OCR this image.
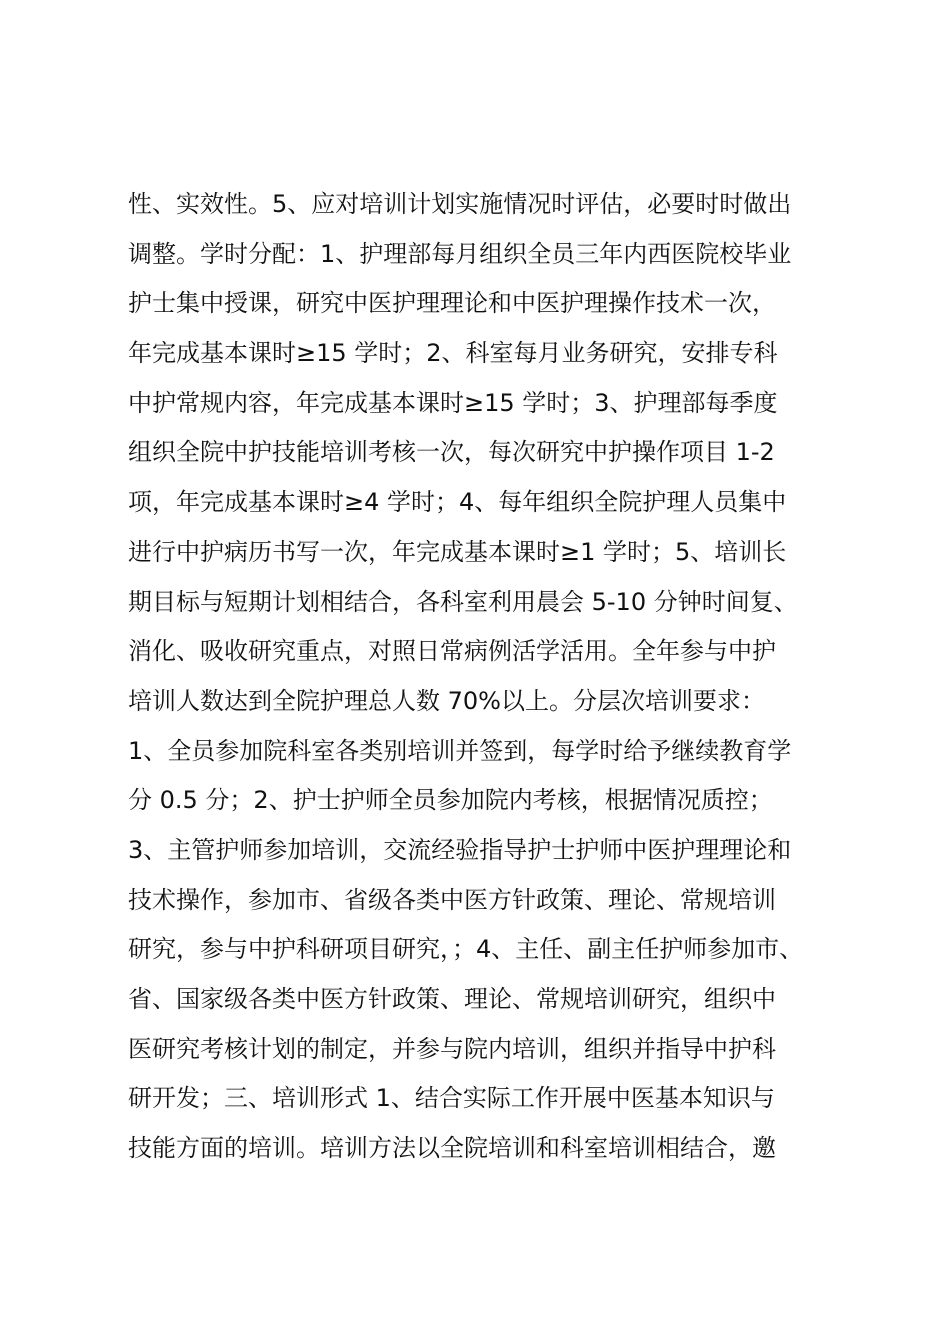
性、实效性。5、应对培训计划实施情况时评估，必要时时做出
调整。学时分配：1、护理部每月组织全员三年内西医院校毕业
护士集中授课，研究中医护理理论和中医护理操作技术一次，
年完成基本课时≥15 学时；2、科室每月业务研究，安排专科
中护常规内容，年完成基本课时≥15 学时；3、护理部每季度
组织全院中护技能培训考核一次，每次研究中护操作项目 1-2
项，年完成基本课时≥4 学时；4、每年组织全院护理人员集中
进行中护病历书写一次，年完成基本课时≥1 学时；5、培训长
期目标与短期计划相结合，各科室利用晨会 5-10 分钟时间复、
消化、吸收研究重点，对照日常病例活学活用。全年参与中护
培训人数达到全院护理总人数 70%以上。分层次培训要求：
1、全员参加院科室各类别培训并签到，每学时给予继续教育学
分 0.5 分；2、护士护师全员参加院内考核，根据情况质控；
3、主管护师参加培训，交流经验指导护士护师中医护理理论和
技术操作，参加市、省级各类中医方针政策、理论、常规培训
研究，参与中护科研项目研究，；4、主任、副主任护师参加市、
省、国家级各类中医方针政策、理论、常规培训研究，组织中
医研究考核计划的制定，并参与院内培训，组织并指导中护科
研开发；三、培训形式 1、结合实际工作开展中医基本知识与
技能方面的培训。培训方法以全院培训和科室培训相结合，邀
